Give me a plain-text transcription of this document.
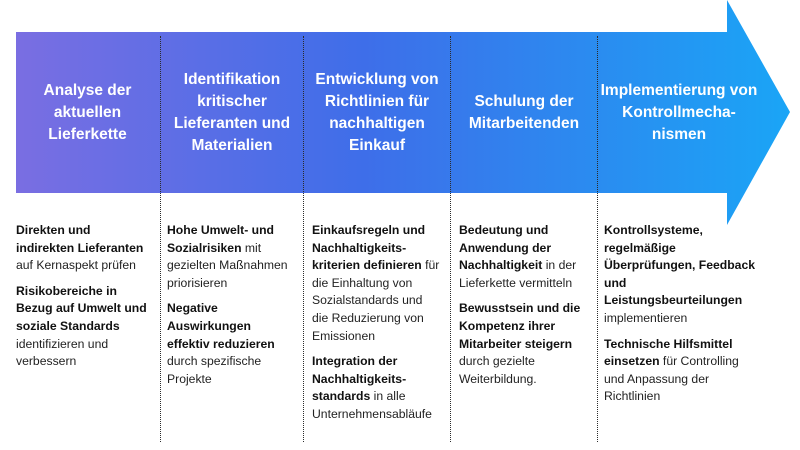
Analyse der aktuellen Lieferkette
Identifikation kritischer Lieferanten und Materialien
Entwicklung von Richtlinien für nachhaltigen Einkauf
Schulung der Mitarbeitenden
Implementierung von Kontrollmechanismen
Direkten und indirekten Lieferanten auf Kernaspekt prüfen
Risikobereiche in Bezug auf Umwelt und soziale Standards identifizieren und verbessern
Hohe Umwelt- und Sozialrisiken mit gezielten Maßnahmen priorisieren
Negative Auswirkungen effektiv reduzieren durch spezifische Projekte
Einkaufsregeln und Nachhaltigkeitskriterien definieren für die Einhaltung von Sozialstandards und die Reduzierung von Emissionen
Integration der Nachhaltigkeitsstandards in alle Unternehmensabläufe
Bedeutung und Anwendung der Nachhaltigkeit in der Lieferkette vermitteln
Bewusstsein und die Kompetenz ihrer Mitarbeiter steigern durch gezielte Weiterbildung.
Kontrollsysteme, regelmäßige Überprüfungen, Feedback und Leistungsbeurteilungen implementieren
Technische Hilfsmittel einsetzen für Controlling und Anpassung der Richtlinien
